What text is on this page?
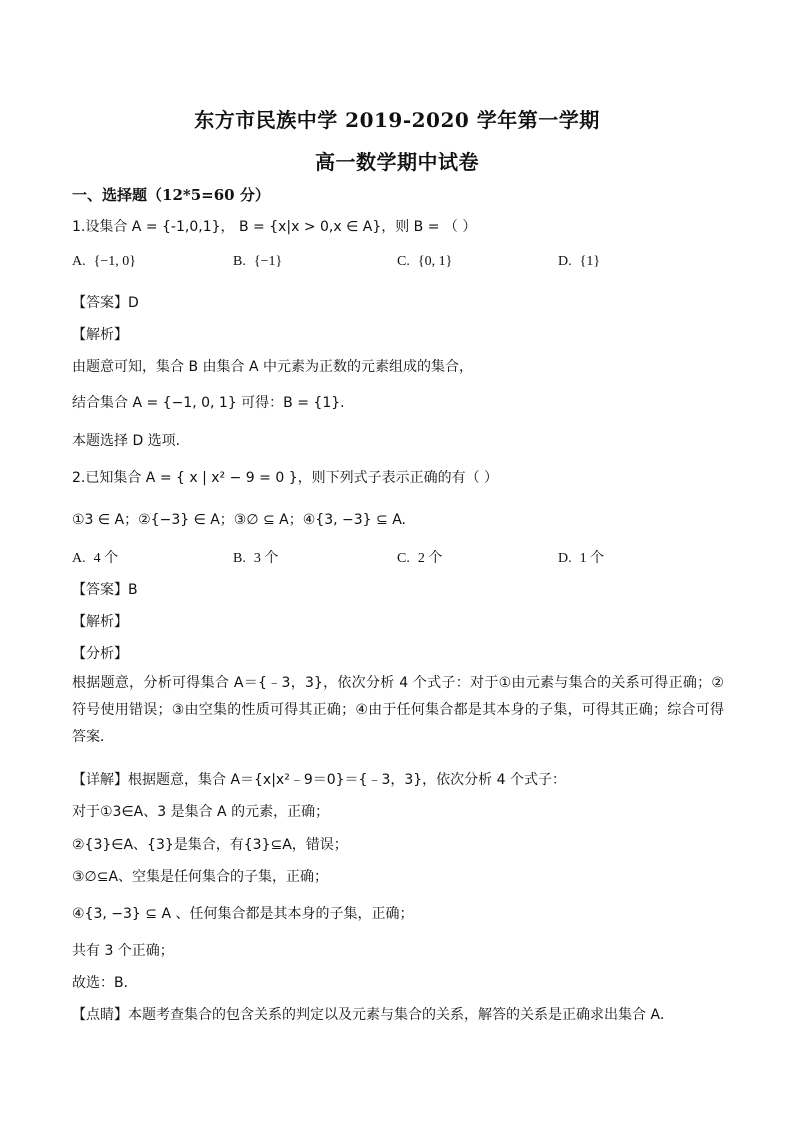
东方市民族中学 2019-2020 学年第一学期
高一数学期中试卷
一、选择题（12*5=60 分）
1.设集合 A = {-1,0,1}， B = {x|x > 0,x ∈ A}，则 B = （ ）
A. {−1, 0}	B. {−1}	C. {0, 1}	D. {1}
【答案】D
【解析】
由题意可知，集合 B 由集合 A 中元素为正数的元素组成的集合，
结合集合 A = {−1, 0, 1} 可得：B = {1}.
本题选择 D 选项.
2.已知集合 A = { x | x² − 9 = 0 }，则下列式子表示正确的有（ ）
①3 ∈ A；②{−3} ∈ A；③∅ ⊆ A；④{3, −3} ⊆ A.
A. 4 个	B. 3 个	C. 2 个	D. 1 个
【答案】B
【解析】
【分析】
根据题意，分析可得集合 A＝{﹣3，3}，依次分析 4 个式子：对于①由元素与集合的关系可得正确；②符号使用错误；③由空集的性质可得其正确；④由于任何集合都是其本身的子集，可得其正确；综合可得答案．
【详解】根据题意，集合 A＝{x|x²﹣9＝0}＝{﹣3，3}，依次分析 4 个式子：
对于①3∈A、3 是集合 A 的元素，正确；
②{3}∈A、{3}是集合，有{3}⊆A，错误；
③∅⊆A、空集是任何集合的子集，正确；
④{3, −3} ⊆ A 、任何集合都是其本身的子集，正确；
共有 3 个正确；
故选：B．
【点睛】本题考查集合的包含关系的判定以及元素与集合的关系，解答的关系是正确求出集合 A．
